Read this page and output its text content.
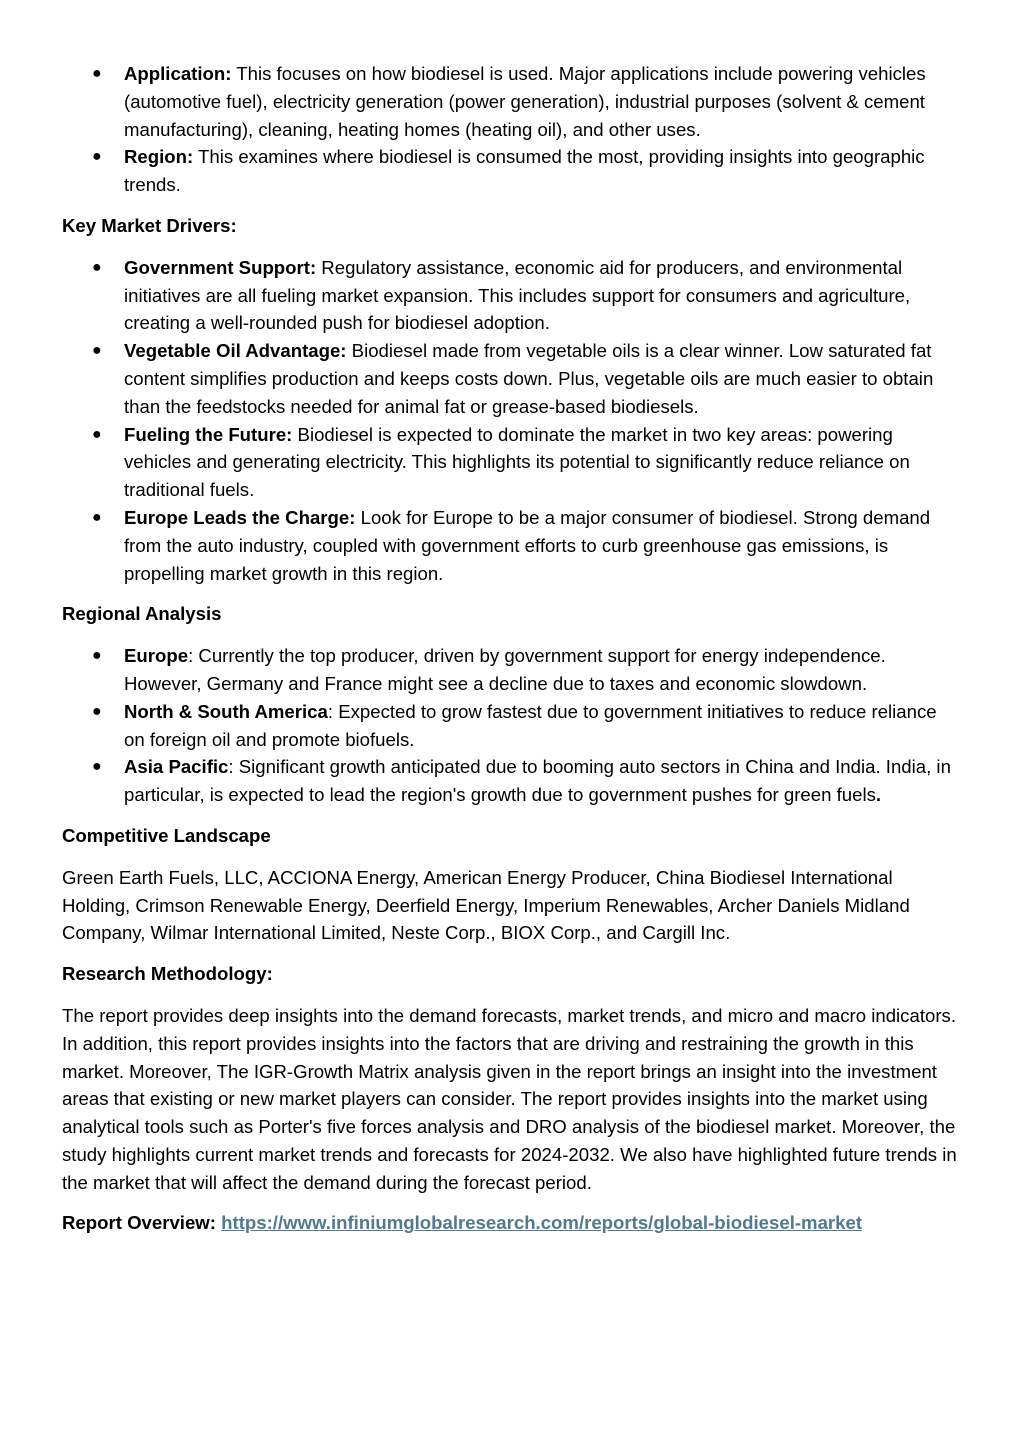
● Application: This focuses on how biodiesel is used. Major applications include powering vehicles (automotive fuel), electricity generation (power generation), industrial purposes (solvent & cement manufacturing), cleaning, heating homes (heating oil), and other uses.
● Region: This examines where biodiesel is consumed the most, providing insights into geographic trends.

Key Market Drivers:

● Government Support: Regulatory assistance, economic aid for producers, and environmental initiatives are all fueling market expansion. This includes support for consumers and agriculture, creating a well-rounded push for biodiesel adoption.
● Vegetable Oil Advantage: Biodiesel made from vegetable oils is a clear winner. Low saturated fat content simplifies production and keeps costs down. Plus, vegetable oils are much easier to obtain than the feedstocks needed for animal fat or grease-based biodiesels.
● Fueling the Future: Biodiesel is expected to dominate the market in two key areas: powering vehicles and generating electricity. This highlights its potential to significantly reduce reliance on traditional fuels.
● Europe Leads the Charge: Look for Europe to be a major consumer of biodiesel. Strong demand from the auto industry, coupled with government efforts to curb greenhouse gas emissions, is propelling market growth in this region.

Regional Analysis

● Europe: Currently the top producer, driven by government support for energy independence. However, Germany and France might see a decline due to taxes and economic slowdown.
● North & South America: Expected to grow fastest due to government initiatives to reduce reliance on foreign oil and promote biofuels.
● Asia Pacific: Significant growth anticipated due to booming auto sectors in China and India. India, in particular, is expected to lead the region's growth due to government pushes for green fuels.

Competitive Landscape

Green Earth Fuels, LLC, ACCIONA Energy, American Energy Producer, China Biodiesel International Holding, Crimson Renewable Energy, Deerfield Energy, Imperium Renewables, Archer Daniels Midland Company, Wilmar International Limited, Neste Corp., BIOX Corp., and Cargill Inc.

Research Methodology:

The report provides deep insights into the demand forecasts, market trends, and micro and macro indicators. In addition, this report provides insights into the factors that are driving and restraining the growth in this market. Moreover, The IGR-Growth Matrix analysis given in the report brings an insight into the investment areas that existing or new market players can consider. The report provides insights into the market using analytical tools such as Porter's five forces analysis and DRO analysis of the biodiesel market. Moreover, the study highlights current market trends and forecasts for 2024-2032. We also have highlighted future trends in the market that will affect the demand during the forecast period.

Report Overview: https://www.infiniumglobalresearch.com/reports/global-biodiesel-market
